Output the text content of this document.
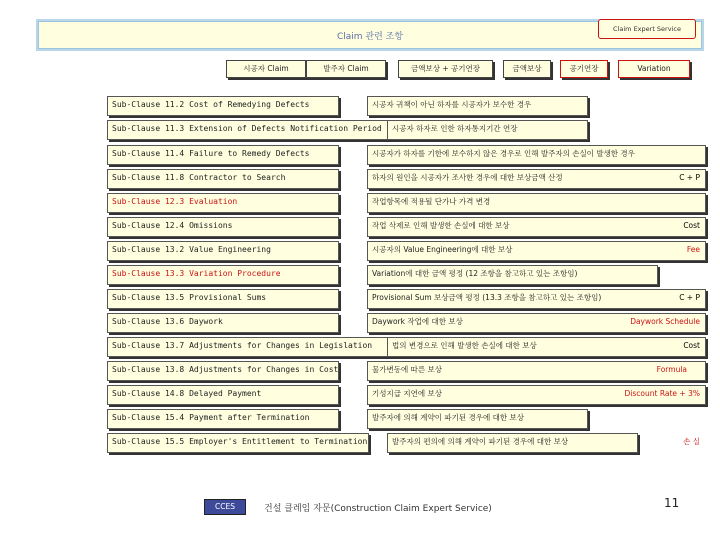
Claim 관련 조항
Claim Expert Service
시공자 Claim	발주자 Claim	금액보상 + 공기연장	금액보상	공기연장	Variation
Sub-Clause 11.2 Cost of Remedying Defects	시공자 귀책이 아닌 하자를 시공자가 보수한 경우
Sub-Clause 11.3 Extension of Defects Notification Period	시공자 하자로 인한 하자통지기간 연장
Sub-Clause 11.4 Failure to Remedy Defects	시공자가 하자를 기한에 보수하지 않은 경우로 인해 발주자의 손실이 발생한 경우
Sub-Clause 11.8 Contractor to Search	하자의 원인을 시공자가 조사한 경우에 대한 보상금액 산정	C + P
Sub-Clause 12.3 Evaluation	작업항목에 적용될 단가나 가격 변경
Sub-Clause 12.4 Omissions	작업 삭제로 인해 발생한 손실에 대한 보상	Cost
Sub-Clause 13.2 Value Engineering	시공자의 Value Engineering에 대한 보상	Fee
Sub-Clause 13.3 Variation Procedure	Variation에 대한 금액 평정 (12 조항을 참고하고 있는 조항임)
Sub-Clause 13.5 Provisional Sums	Provisional Sum 보상금액 평정 (13.3 조항을 참고하고 있는 조항임)	C + P
Sub-Clause 13.6 Daywork	Daywork 작업에 대한 보상	Daywork Schedule
Sub-Clause 13.7 Adjustments for Changes in Legislation	법의 변경으로 인해 발생한 손실에 대한 보상	Cost
Sub-Clause 13.8 Adjustments for Changes in Cost	물가변동에 따른 보상	Formula
Sub-Clause 14.8 Delayed Payment	기성지급 지연에 보상	Discount Rate + 3%
Sub-Clause 15.4 Payment after Termination	발주자에 의해 계약이 파기된 경우에 대한 보상
Sub-Clause 15.5 Employer's Entitlement to Termination	발주자의 편의에 의해 계약이 파기된 경우에 대한 보상	손 실
CCES	건설 클레임 자문(Construction Claim Expert Service)	11
